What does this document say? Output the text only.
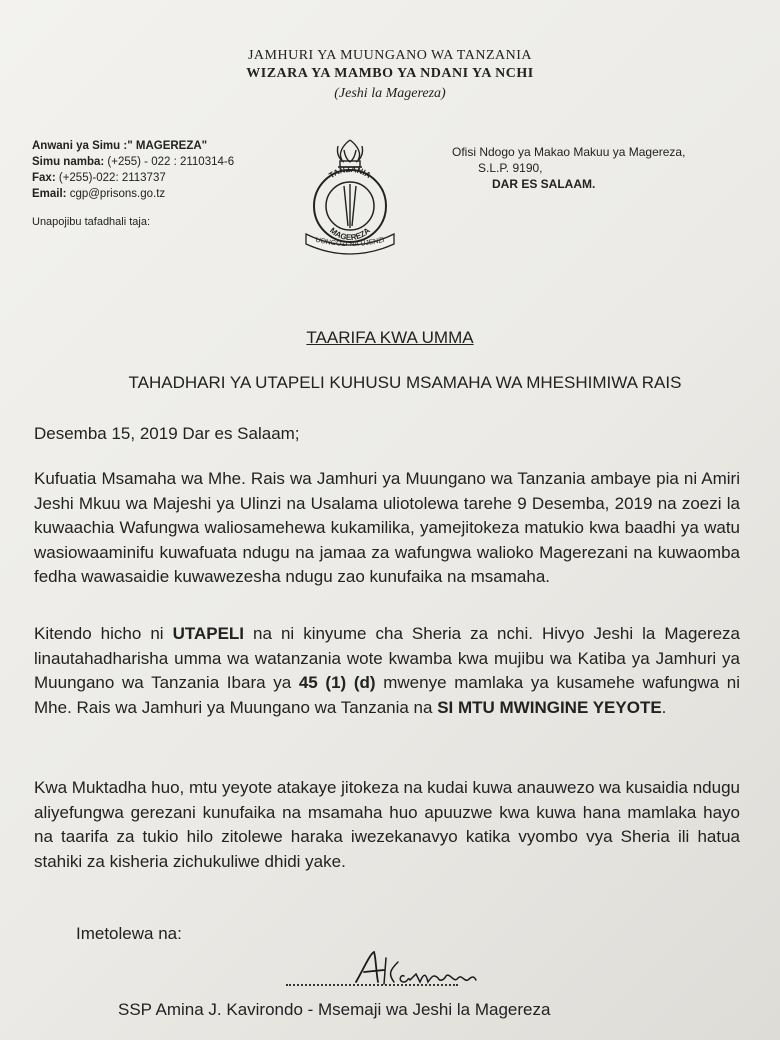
JAMHURI YA MUUNGANO WA TANZANIA
WIZARA YA MAMBO YA NDANI YA NCHI
(Jeshi la Magereza)
Anwani ya Simu :" MAGEREZA"
Simu namba: (+255) - 022 : 2110314-6
Fax: (+255)-022: 2113737
Email: cgp@prisons.go.tz
Unapojibu tafadhali taja:
TANZANIA
MAGEREZA
UONGOZI NA UJENZI
Ofisi Ndogo ya Makao Makuu ya Magereza,
S.L.P. 9190,
DAR ES SALAAM.
TAARIFA KWA UMMA
TAHADHARI YA UTAPELI KUHUSU MSAMAHA WA MHESHIMIWA RAIS
Desemba 15, 2019 Dar es Salaam;
Kufuatia Msamaha wa Mhe. Rais wa Jamhuri ya Muungano wa Tanzania ambaye pia ni Amiri Jeshi Mkuu wa Majeshi ya Ulinzi na Usalama uliotolewa tarehe 9 Desemba, 2019 na zoezi la kuwaachia Wafungwa waliosamehewa kukamilika, yamejitokeza matukio kwa baadhi ya watu wasiowaaminifu kuwafuata ndugu na jamaa za wafungwa walioko Magerezani na kuwaomba fedha wawasaidie kuwawezesha ndugu zao kunufaika na msamaha.
Kitendo hicho ni UTAPELI na ni kinyume cha Sheria za nchi. Hivyo Jeshi la Magereza linautahadharisha umma wa watanzania wote kwamba kwa mujibu wa Katiba ya Jamhuri ya Muungano wa Tanzania Ibara ya 45 (1) (d) mwenye mamlaka ya kusamehe wafungwa ni Mhe. Rais wa Jamhuri ya Muungano wa Tanzania na SI MTU MWINGINE YEYOTE.
Kwa Muktadha huo, mtu yeyote atakaye jitokeza na kudai kuwa anauwezo wa kusaidia ndugu aliyefungwa gerezani kunufaika na msamaha huo apuuzwe kwa kuwa hana mamlaka hayo na taarifa za tukio hilo zitolewe haraka iwezekanavyo katika vyombo vya Sheria ili hatua stahiki za kisheria zichukuliwe dhidi yake.
Imetolewa na:
SSP Amina J. Kavirondo - Msemaji wa Jeshi la Magereza
